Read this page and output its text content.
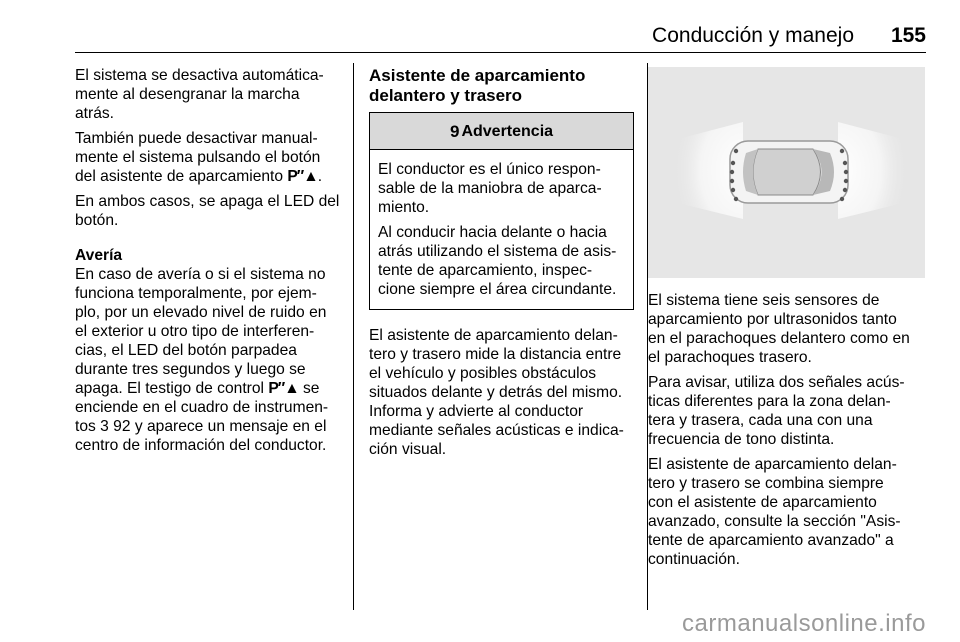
Conducción y manejo 155

El sistema se desactiva automática-
mente al desengranar la marcha
atrás.

También puede desactivar manual-
mente el sistema pulsando el botón
del asistente de aparcamiento P″▲.

En ambos casos, se apaga el LED del
botón.

Avería
En caso de avería o si el sistema no
funciona temporalmente, por ejem-
plo, por un elevado nivel de ruido en
el exterior u otro tipo de interferen-
cias, el LED del botón parpadea
durante tres segundos y luego se
apaga. El testigo de control P″▲ se
enciende en el cuadro de instrumen-
tos 3 92 y aparece un mensaje en el
centro de información del conductor.

Asistente de aparcamiento
delantero y trasero
9 Advertencia

El conductor es el único respon-
sable de la maniobra de aparca-
miento.

Al conducir hacia delante o hacia
atrás utilizando el sistema de asis-
tente de aparcamiento, inspec-
cione siempre el área circundante.

El asistente de aparcamiento delan-
tero y trasero mide la distancia entre
el vehículo y posibles obstáculos
situados delante y detrás del mismo.
Informa y advierte al conductor
mediante señales acústicas e indica-
ción visual.

El sistema tiene seis sensores de
aparcamiento por ultrasonidos tanto
en el parachoques delantero como en
el parachoques trasero.

Para avisar, utiliza dos señales acús-
ticas diferentes para la zona delan-
tera y trasera, cada una con una
frecuencia de tono distinta.

El asistente de aparcamiento delan-
tero y trasero se combina siempre
con el asistente de aparcamiento
avanzado, consulte la sección "Asis-
tente de aparcamiento avanzado" a
continuación.

carmanualsonline.info
